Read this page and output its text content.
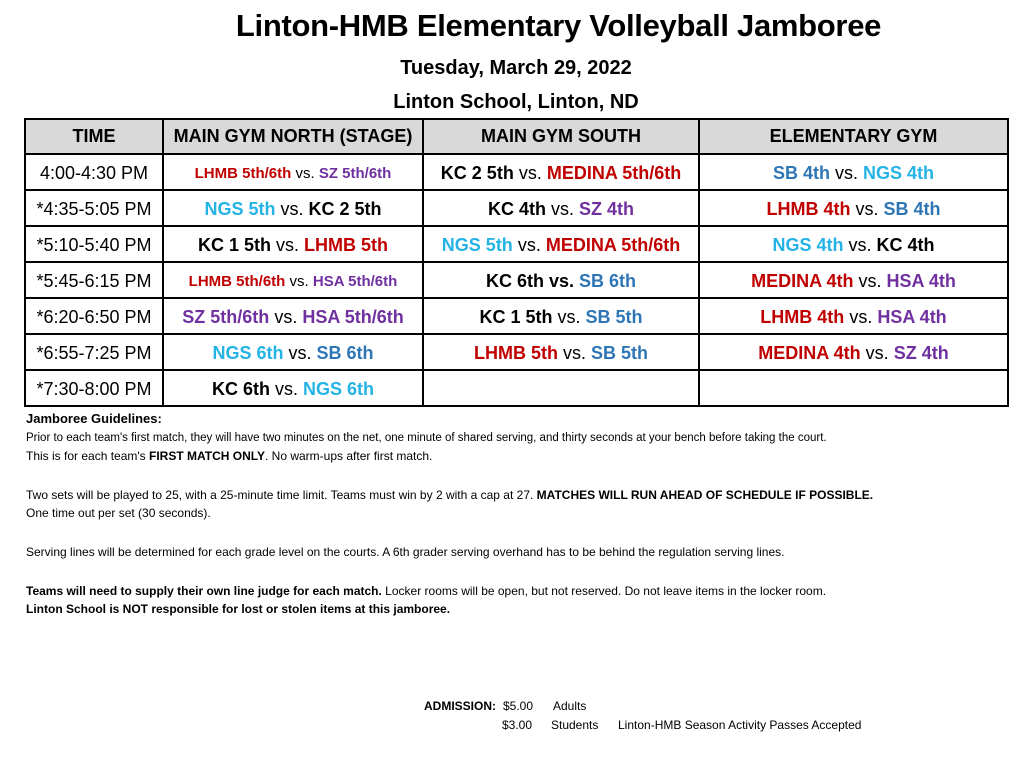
Linton-HMB Elementary Volleyball Jamboree
Tuesday, March 29, 2022
Linton School, Linton, ND
TIME	MAIN GYM NORTH (STAGE)	MAIN GYM SOUTH	ELEMENTARY GYM
4:00-4:30 PM	LHMB 5th/6th vs. SZ 5th/6th	KC 2 5th vs. MEDINA 5th/6th	SB 4th vs. NGS 4th
*4:35-5:05 PM	NGS 5th vs. KC 2 5th	KC 4th vs. SZ 4th	LHMB 4th vs. SB 4th
*5:10-5:40 PM	KC 1 5th vs. LHMB 5th	NGS 5th vs. MEDINA 5th/6th	NGS 4th vs. KC 4th
*5:45-6:15 PM	LHMB 5th/6th vs. HSA 5th/6th	KC 6th vs. SB 6th	MEDINA 4th vs. HSA 4th
*6:20-6:50 PM	SZ 5th/6th vs. HSA 5th/6th	KC 1 5th vs. SB 5th	LHMB 4th vs. HSA 4th
*6:55-7:25 PM	NGS 6th vs. SB 6th	LHMB 5th vs. SB 5th	MEDINA 4th vs. SZ 4th
*7:30-8:00 PM	KC 6th vs. NGS 6th		
Jamboree Guidelines:

Prior to each team's first match, they will have two minutes on the net, one minute of shared serving, and thirty seconds at your bench before taking the court.

This is for each team's FIRST MATCH ONLY. No warm-ups after first match.

Two sets will be played to 25, with a 25-minute time limit. Teams must win by 2 with a cap at 27. MATCHES WILL RUN AHEAD OF SCHEDULE IF POSSIBLE.

One time out per set (30 seconds).

Serving lines will be determined for each grade level on the courts. A 6th grader serving overhand has to be behind the regulation serving lines.

Teams will need to supply their own line judge for each match. Locker rooms will be open, but not reserved. Do not leave items in the locker room.

Linton School is NOT responsible for lost or stolen items at this jamboree.

ADMISSION: $5.00 Adults
$3.00 Students Linton-HMB Season Activity Passes Accepted
